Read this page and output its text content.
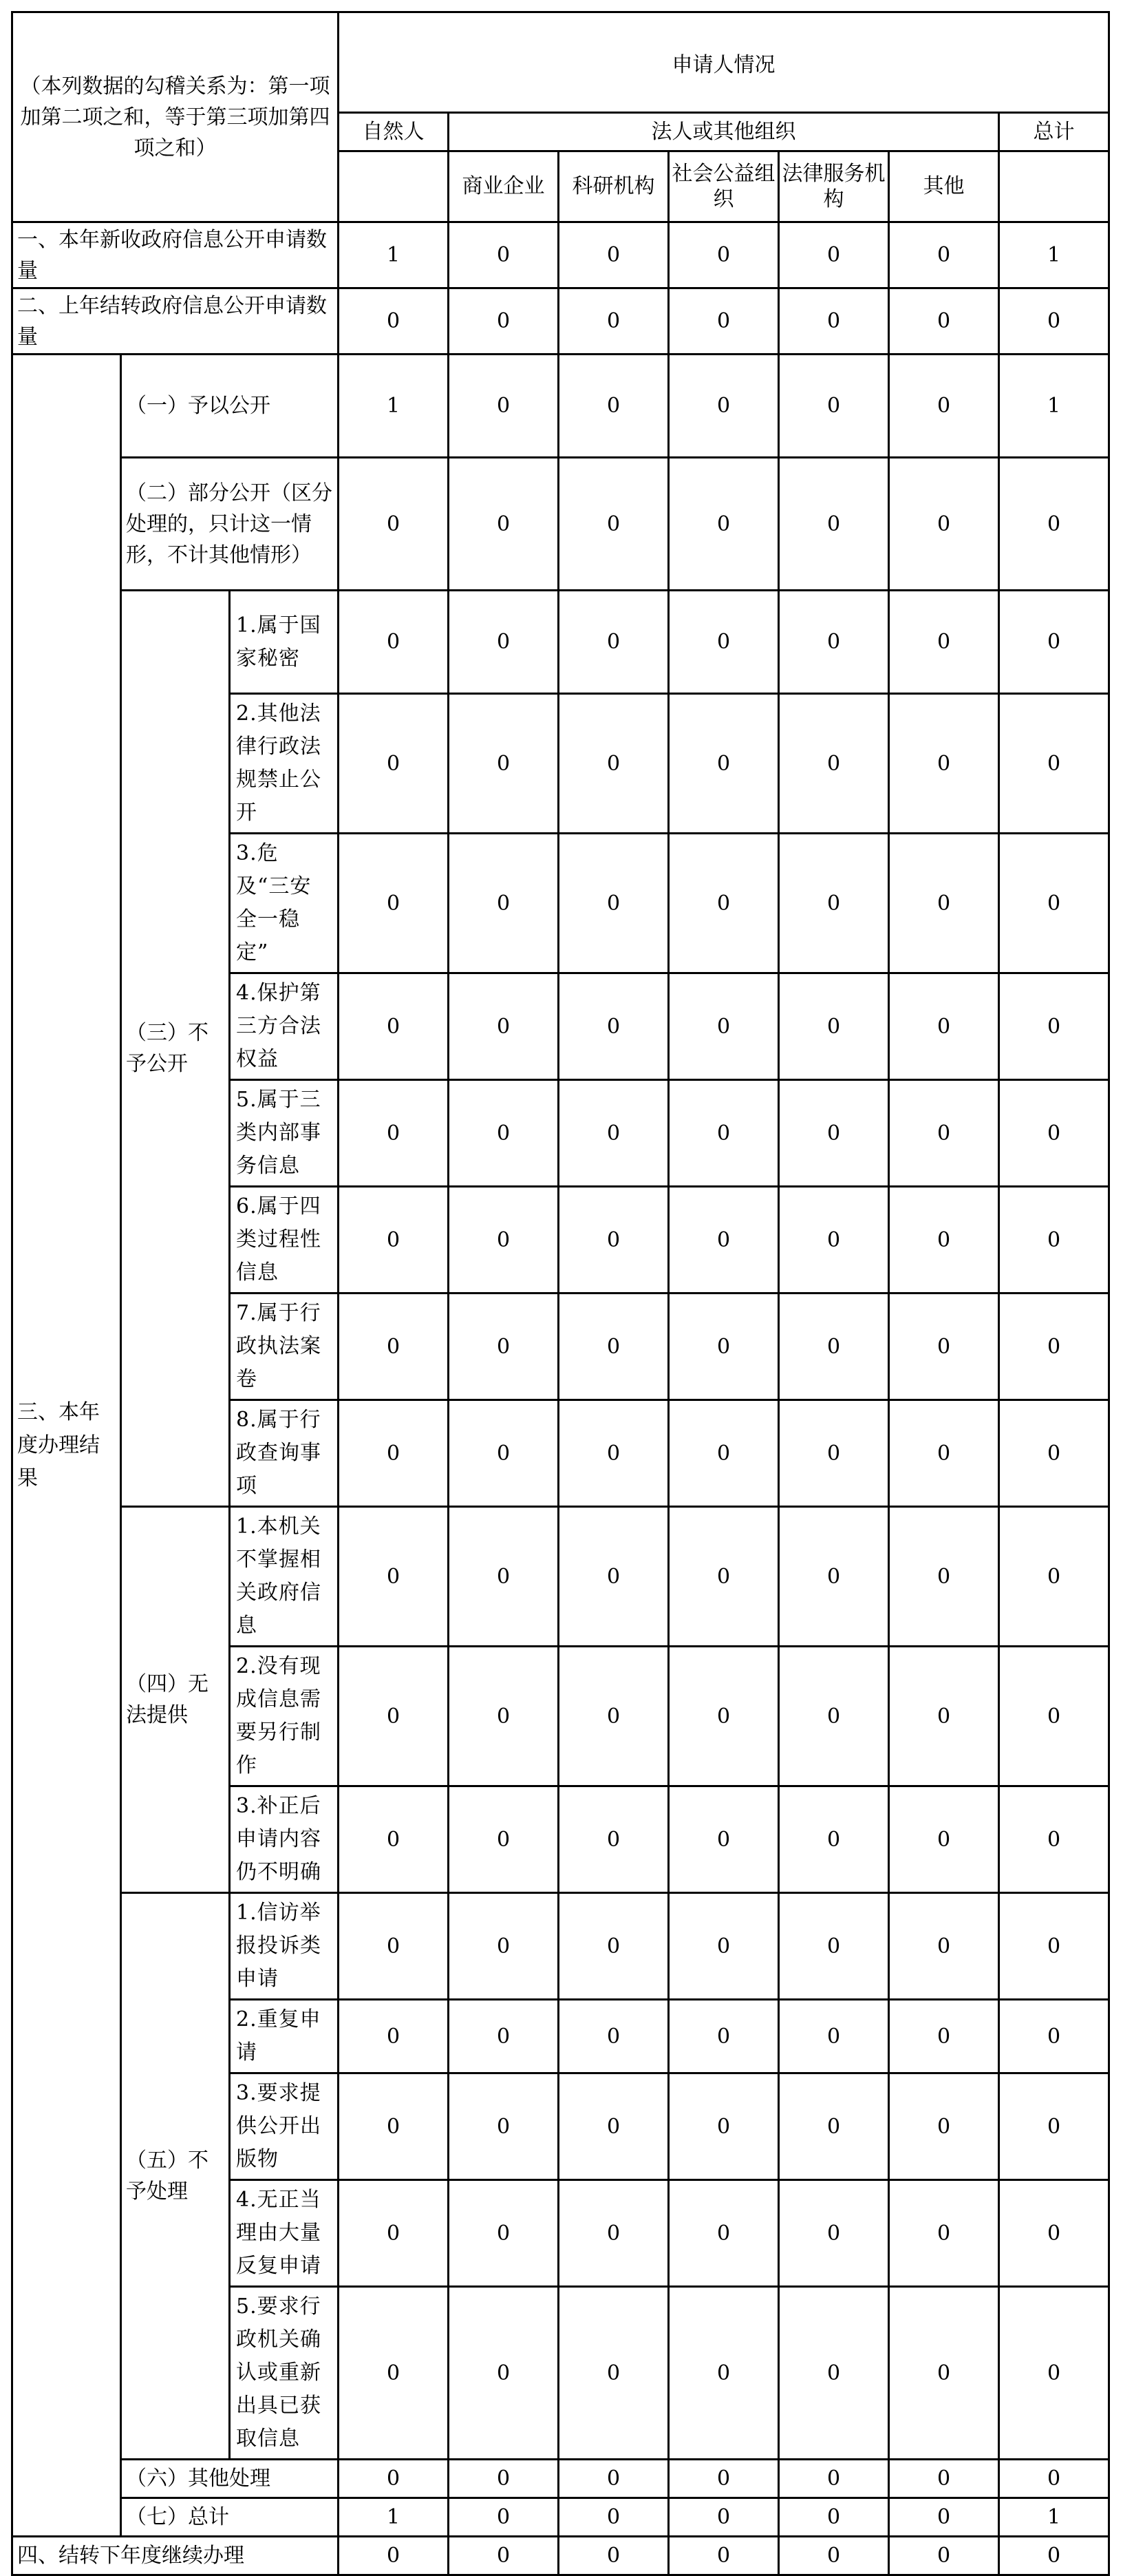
（本列数据的勾稽关系为：第一项加第二项之和，等于第三项加第四项之和）			申请人情况						
			自然人	法人或其他组织					总计
				商业企业	科研机构	社会公益组织	法律服务机构	其他	
一、本年新收政府信息公开申请数量			1	0	0	0	0	0	1
二、上年结转政府信息公开申请数量			0	0	0	0	0	0	0
三、本年度办理结果	（一）予以公开		1	0	0	0	0	0	1
	（二）部分公开（区分处理的，只计这一情形，不计其他情形）		0	0	0	0	0	0	0
	（三）不予公开	1.属于国家秘密	0	0	0	0	0	0	0
		2.其他法律行政法规禁止公开	0	0	0	0	0	0	0
		3.危及“三安全一稳定”	0	0	0	0	0	0	0
		4.保护第三方合法权益	0	0	0	0	0	0	0
		5.属于三类内部事务信息	0	0	0	0	0	0	0
		6.属于四类过程性信息	0	0	0	0	0	0	0
		7.属于行政执法案卷	0	0	0	0	0	0	0
		8.属于行政查询事项	0	0	0	0	0	0	0
	（四）无法提供	1.本机关不掌握相关政府信息	0	0	0	0	0	0	0
		2.没有现成信息需要另行制作	0	0	0	0	0	0	0
		3.补正后申请内容仍不明确	0	0	0	0	0	0	0
	（五）不予处理	1.信访举报投诉类申请	0	0	0	0	0	0	0
		2.重复申请	0	0	0	0	0	0	0
		3.要求提供公开出版物	0	0	0	0	0	0	0
		4.无正当理由大量反复申请	0	0	0	0	0	0	0
		5.要求行政机关确认或重新出具已获取信息	0	0	0	0	0	0	0
	（六）其他处理		0	0	0	0	0	0	0
	（七）总计		1	0	0	0	0	0	1
四、结转下年度继续办理			0	0	0	0	0	0	0
